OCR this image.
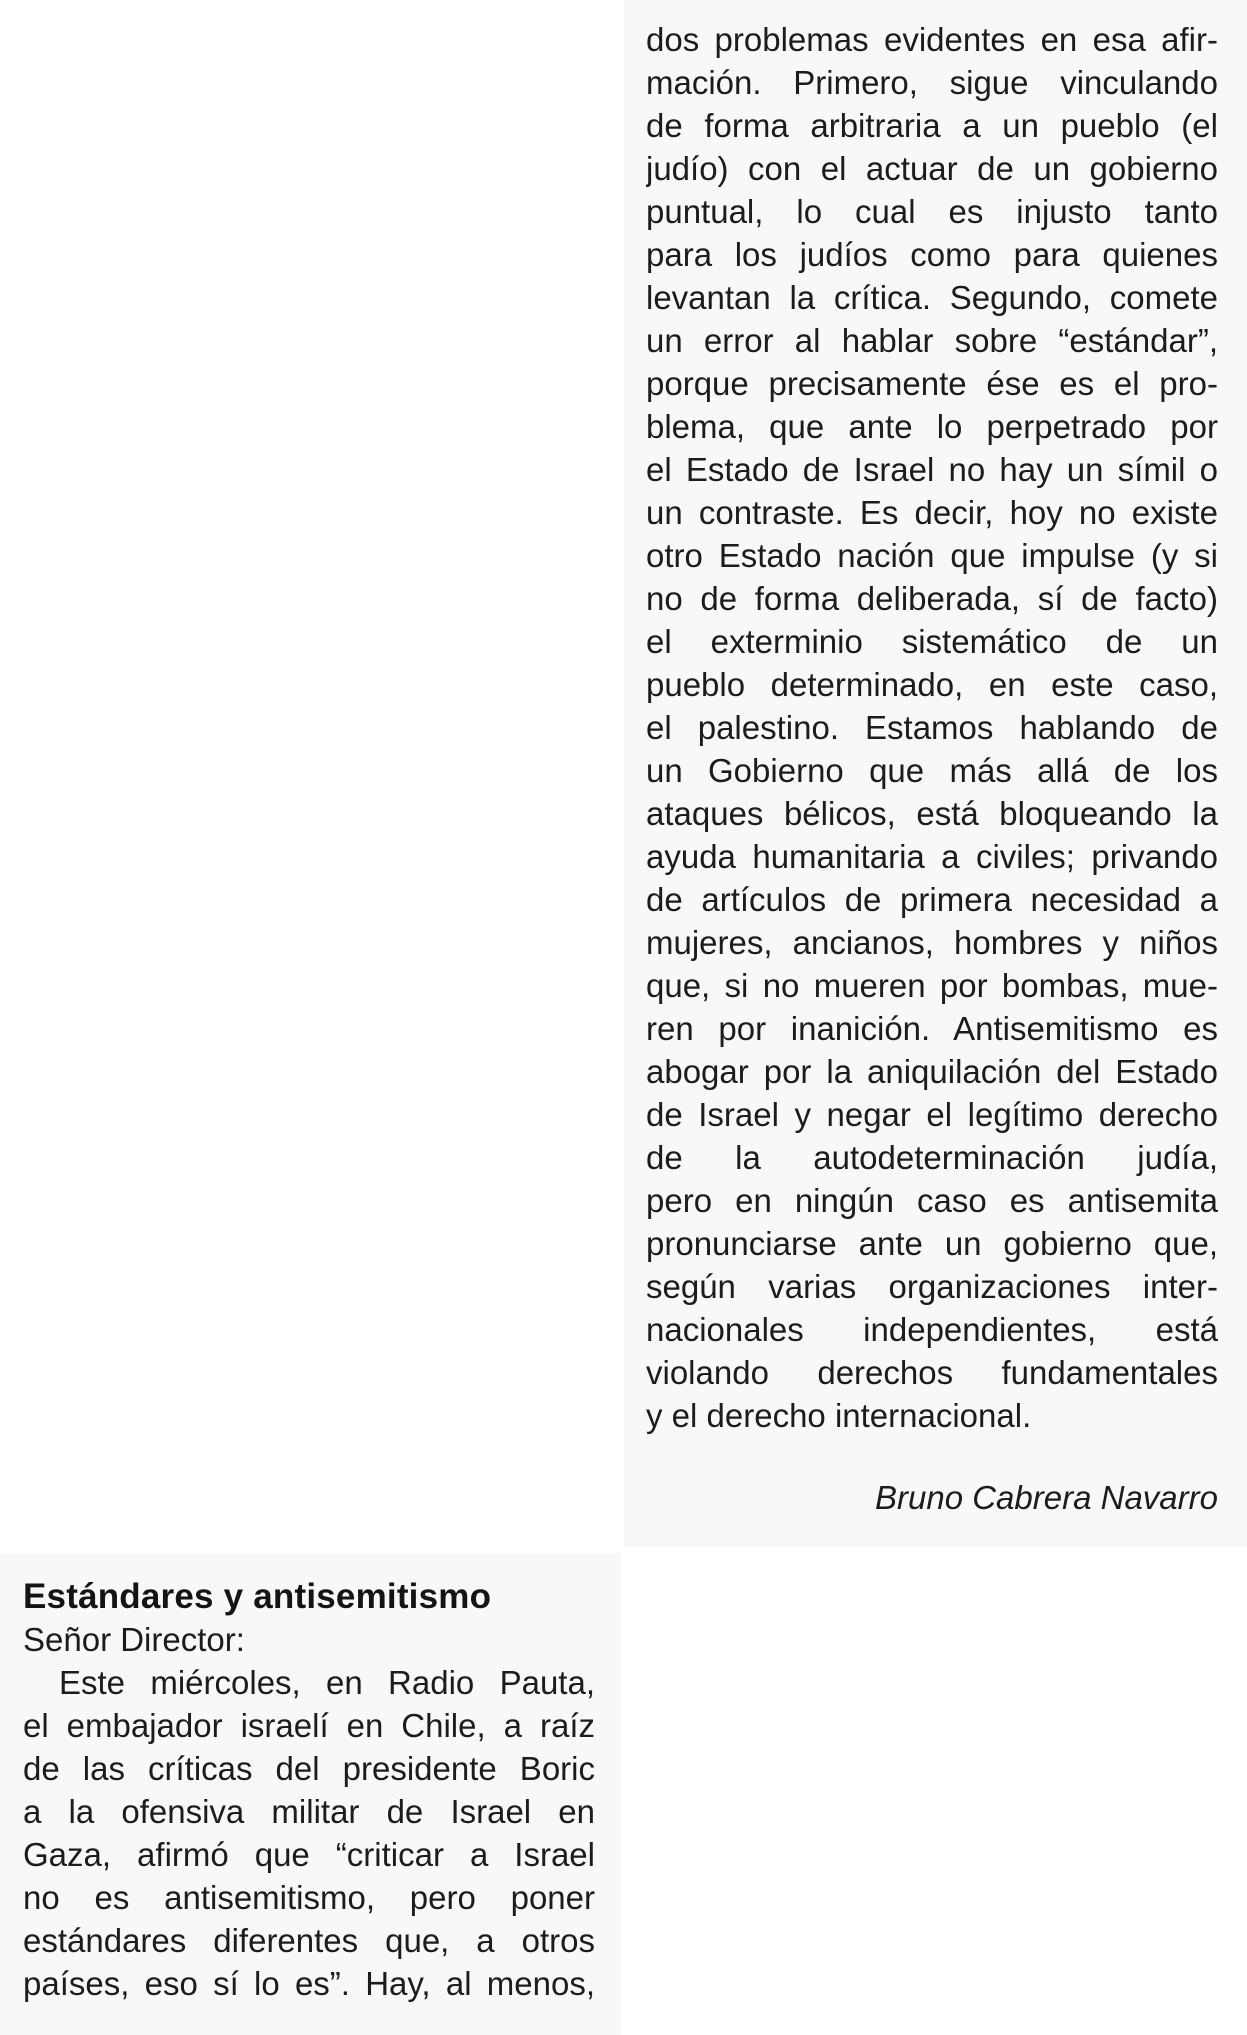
dos problemas evidentes en esa afir-
mación. Primero, sigue vinculando
de forma arbitraria a un pueblo (el
judío) con el actuar de un gobierno
puntual, lo cual es injusto tanto
para los judíos como para quienes
levantan la crítica. Segundo, comete
un error al hablar sobre “estándar”,
porque precisamente ése es el pro-
blema, que ante lo perpetrado por
el Estado de Israel no hay un símil o
un contraste. Es decir, hoy no existe
otro Estado nación que impulse (y si
no de forma deliberada, sí de facto)
el exterminio sistemático de un
pueblo determinado, en este caso,
el palestino. Estamos hablando de
un Gobierno que más allá de los
ataques bélicos, está bloqueando la
ayuda humanitaria a civiles; privando
de artículos de primera necesidad a
mujeres, ancianos, hombres y niños
que, si no mueren por bombas, mue-
ren por inanición. Antisemitismo es
abogar por la aniquilación del Estado
de Israel y negar el legítimo derecho
de la autodeterminación judía,
pero en ningún caso es antisemita
pronunciarse ante un gobierno que,
según varias organizaciones inter-
nacionales independientes, está
violando derechos fundamentales
y el derecho internacional.
Bruno Cabrera Navarro
Estándares y antisemitismo
Señor Director:
Este miércoles, en Radio Pauta,
el embajador israelí en Chile, a raíz
de las críticas del presidente Boric
a la ofensiva militar de Israel en
Gaza, afirmó que “criticar a Israel
no es antisemitismo, pero poner
estándares diferentes que, a otros
países, eso sí lo es”. Hay, al menos,
